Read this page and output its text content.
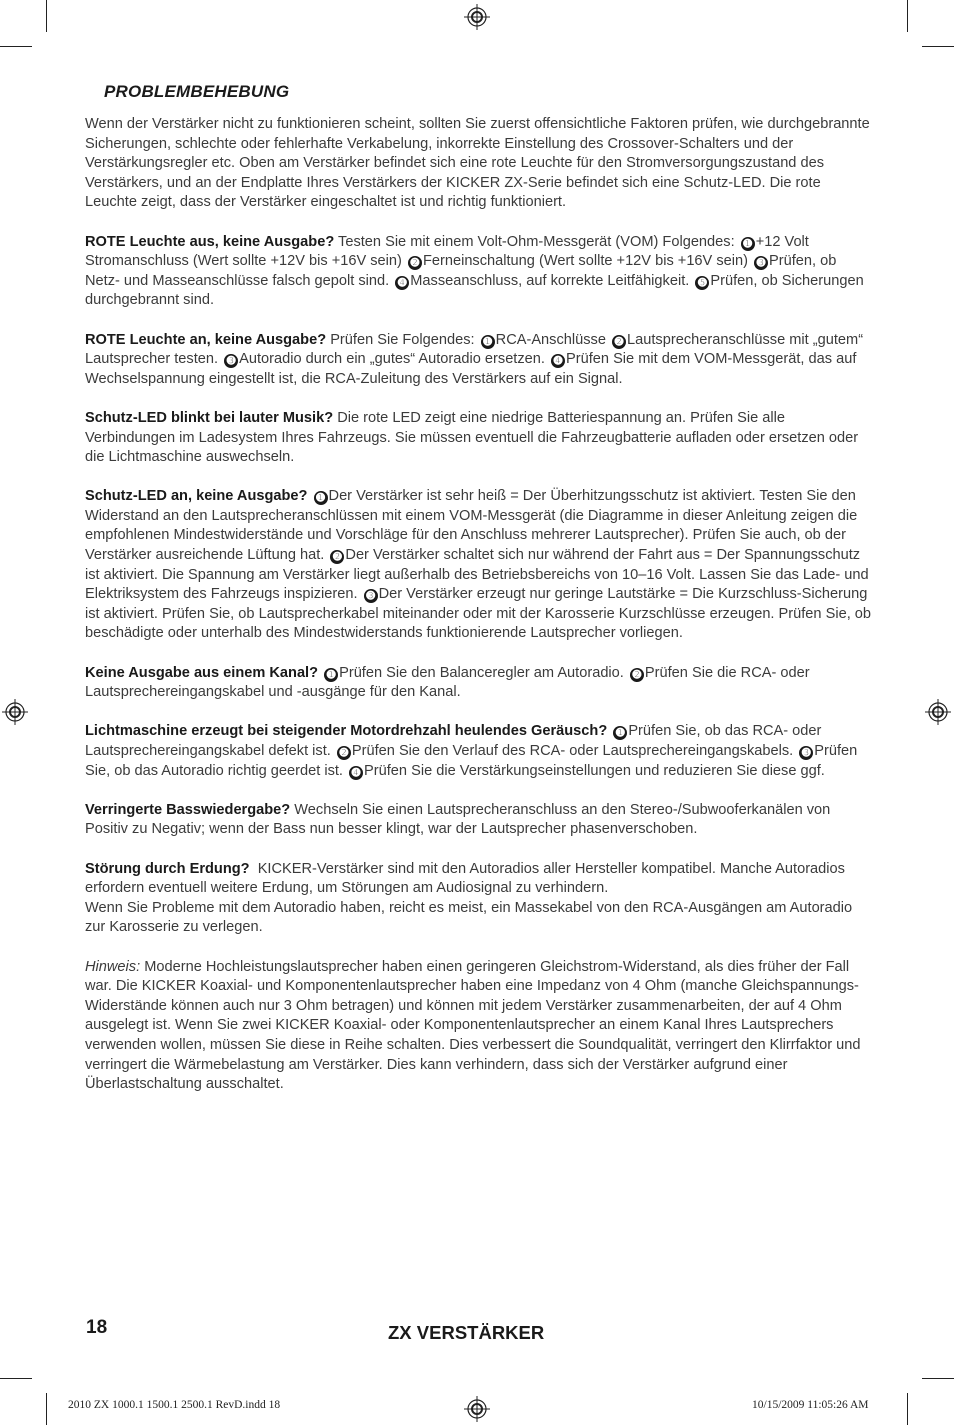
PROBLEMBEHEBUNG

Wenn der Verstärker nicht zu funktionieren scheint, sollten Sie zuerst offensichtliche Faktoren prüfen, wie durchgebrannte Sicherungen, schlechte oder fehlerhafte Verkabelung, inkorrekte Einstellung des Crossover-Schalters und der Verstärkungsregler etc. Oben am Verstärker befindet sich eine rote Leuchte für den Stromversorgungszustand des Verstärkers, und an der Endplatte Ihres Verstärkers der KICKER ZX-Serie befindet sich eine Schutz-LED. Die rote Leuchte zeigt, dass der Verstärker eingeschaltet ist und richtig funktioniert.

ROTE Leuchte aus, keine Ausgabe? Testen Sie mit einem Volt-Ohm-Messgerät (VOM) Folgendes: ➊ +12 Volt Stromanschluss (Wert sollte +12V bis +16V sein) ➋ Ferneinschaltung (Wert sollte +12V bis +16V sein) ➌ Prüfen, ob Netz- und Masseanschlüsse falsch gepolt sind. ➍ Masseanschluss, auf korrekte Leitfähigkeit. ➎ Prüfen, ob Sicherungen durchgebrannt sind.

ROTE Leuchte an, keine Ausgabe? Prüfen Sie Folgendes: ➊ RCA-Anschlüsse ➋ Lautsprecheranschlüsse mit „gutem“ Lautsprecher testen. ➌ Autoradio durch ein „gutes“ Autoradio ersetzen. ➍ Prüfen Sie mit dem VOM-Messgerät, das auf Wechselspannung eingestellt ist, die RCA-Zuleitung des Verstärkers auf ein Signal.

Schutz-LED blinkt bei lauter Musik? Die rote LED zeigt eine niedrige Batteriespannung an. Prüfen Sie alle Verbindungen im Ladesystem Ihres Fahrzeugs. Sie müssen eventuell die Fahrzeugbatterie aufladen oder ersetzen oder die Lichtmaschine auswechseln.

Schutz-LED an, keine Ausgabe? ➊ Der Verstärker ist sehr heiß = Der Überhitzungsschutz ist aktiviert. Testen Sie den Widerstand an den Lautsprecheranschlüssen mit einem VOM-Messgerät (die Diagramme in dieser Anleitung zeigen die empfohlenen Mindestwiderstände und Vorschläge für den Anschluss mehrerer Lautsprecher). Prüfen Sie auch, ob der Verstärker ausreichende Lüftung hat. ➋ Der Verstärker schaltet sich nur während der Fahrt aus = Der Spannungsschutz ist aktiviert. Die Spannung am Verstärker liegt außerhalb des Betriebsbereichs von 10–16 Volt. Lassen Sie das Lade- und Elektriksystem des Fahrzeugs inspizieren. ➌ Der Verstärker erzeugt nur geringe Lautstärke = Die Kurzschluss-Sicherung ist aktiviert. Prüfen Sie, ob Lautsprecherkabel miteinander oder mit der Karosserie Kurzschlüsse erzeugen. Prüfen Sie, ob beschädigte oder unterhalb des Mindestwiderstands funktionierende Lautsprecher vorliegen.

Keine Ausgabe aus einem Kanal? ➊ Prüfen Sie den Balanceregler am Autoradio. ➋ Prüfen Sie die RCA- oder Lautsprechereingangskabel und -ausgänge für den Kanal.

Lichtmaschine erzeugt bei steigender Motordrehzahl heulendes Geräusch? ➊ Prüfen Sie, ob das RCA- oder Lautsprechereingangskabel defekt ist. ➋ Prüfen Sie den Verlauf des RCA- oder Lautsprechereingangskabels. ➌ Prüfen Sie, ob das Autoradio richtig geerdet ist. ➍ Prüfen Sie die Verstärkungseinstellungen und reduzieren Sie diese ggf.

Verringerte Basswiedergabe? Wechseln Sie einen Lautsprecheranschluss an den Stereo-/Subwooferkanälen von Positiv zu Negativ; wenn der Bass nun besser klingt, war der Lautsprecher phasenverschoben.

Störung durch Erdung? KICKER-Verstärker sind mit den Autoradios aller Hersteller kompatibel. Manche Autoradios erfordern eventuell weitere Erdung, um Störungen am Audiosignal zu verhindern.
Wenn Sie Probleme mit dem Autoradio haben, reicht es meist, ein Massekabel von den RCA-Ausgängen am Autoradio zur Karosserie zu verlegen.

Hinweis: Moderne Hochleistungslautsprecher haben einen geringeren Gleichstrom-Widerstand, als dies früher der Fall war. Die KICKER Koaxial- und Komponentenlautsprecher haben eine Impedanz von 4 Ohm (manche Gleichspannungs-Widerstände können auch nur 3 Ohm betragen) und können mit jedem Verstärker zusammenarbeiten, der auf 4 Ohm ausgelegt ist. Wenn Sie zwei KICKER Koaxial- oder Komponentenlautsprecher an einem Kanal Ihres Lautsprechers verwenden wollen, müssen Sie diese in Reihe schalten. Dies verbessert die Soundqualität, verringert den Klirrfaktor und verringert die Wärmebelastung am Verstärker. Dies kann verhindern, dass sich der Verstärker aufgrund einer Überlastschaltung ausschaltet.

18	ZX VERSTÄRKER
2010 ZX 1000.1 1500.1 2500.1 RevD.indd 18	10/15/2009 11:05:26 AM
